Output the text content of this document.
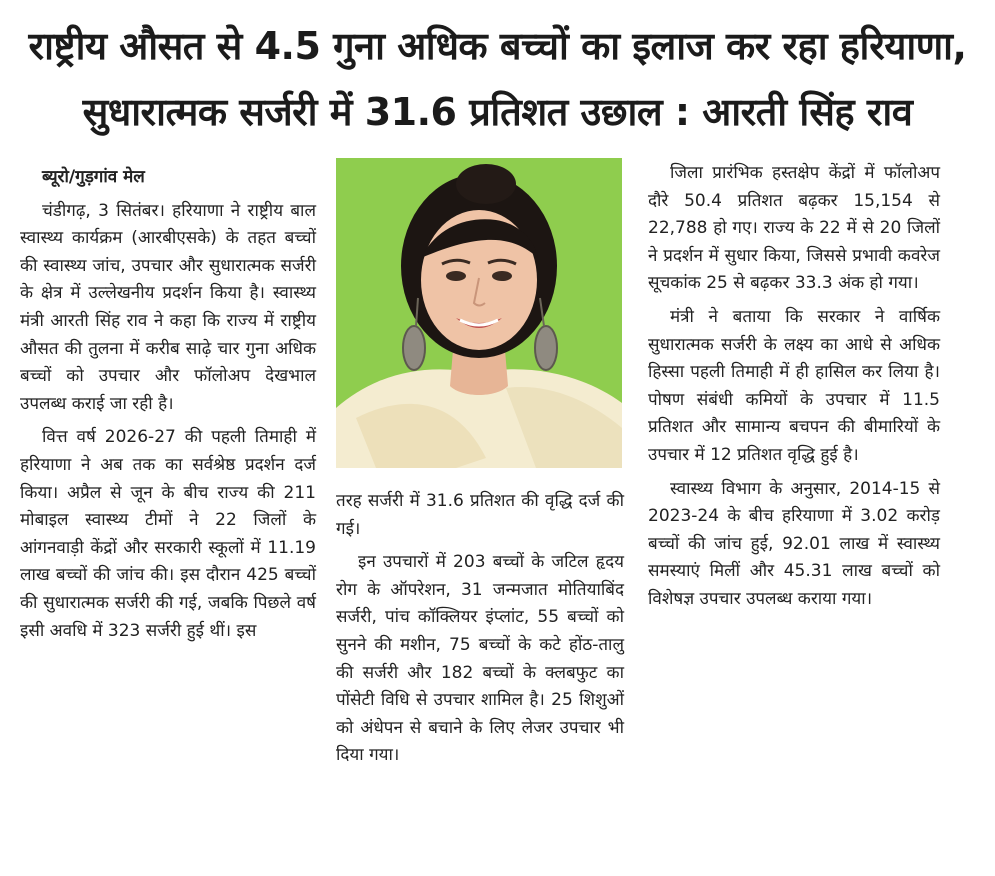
राष्ट्रीय औसत से 4.5 गुना अधिक बच्चों का इलाज कर रहा हरियाणा,
सुधारात्मक सर्जरी में 31.6 प्रतिशत उछाल : आरती सिंह राव

ब्यूरो/गुड़गांव मेल

चंडीगढ़, 3 सितंबर। हरियाणा ने राष्ट्रीय बाल स्वास्थ्य कार्यक्रम (आरबीएसके) के तहत बच्चों की स्वास्थ्य जांच, उपचार और सुधारात्मक सर्जरी के क्षेत्र में उल्लेखनीय प्रदर्शन किया है। स्वास्थ्य मंत्री आरती सिंह राव ने कहा कि राज्य में राष्ट्रीय औसत की तुलना में करीब साढ़े चार गुना अधिक बच्चों को उपचार और फॉलोअप देखभाल उपलब्ध कराई जा रही है।

वित्त वर्ष 2026-27 की पहली तिमाही में हरियाणा ने अब तक का सर्वश्रेष्ठ प्रदर्शन दर्ज किया। अप्रैल से जून के बीच राज्य की 211 मोबाइल स्वास्थ्य टीमों ने 22 जिलों के आंगनवाड़ी केंद्रों और सरकारी स्कूलों में 11.19 लाख बच्चों की जांच की। इस दौरान 425 बच्चों की सुधारात्मक सर्जरी की गई, जबकि पिछले वर्ष इसी अवधि में 323 सर्जरी हुई थीं। इस

तरह सर्जरी में 31.6 प्रतिशत की वृद्धि दर्ज की गई।

इन उपचारों में 203 बच्चों के जटिल हृदय रोग के ऑपरेशन, 31 जन्मजात मोतियाबिंद सर्जरी, पांच कॉक्लियर इंप्लांट, 55 बच्चों को सुनने की मशीन, 75 बच्चों के कटे होंठ-तालु की सर्जरी और 182 बच्चों के क्लबफुट का पोंसेटी विधि से उपचार शामिल है। 25 शिशुओं को अंधेपन से बचाने के लिए लेजर उपचार भी दिया गया।

जिला प्रारंभिक हस्तक्षेप केंद्रों में फॉलोअप दौरे 50.4 प्रतिशत बढ़कर 15,154 से 22,788 हो गए। राज्य के 22 में से 20 जिलों ने प्रदर्शन में सुधार किया, जिससे प्रभावी कवरेज सूचकांक 25 से बढ़कर 33.3 अंक हो गया।

मंत्री ने बताया कि सरकार ने वार्षिक सुधारात्मक सर्जरी के लक्ष्य का आधे से अधिक हिस्सा पहली तिमाही में ही हासिल कर लिया है। पोषण संबंधी कमियों के उपचार में 11.5 प्रतिशत और सामान्य बचपन की बीमारियों के उपचार में 12 प्रतिशत वृद्धि हुई है।

स्वास्थ्य विभाग के अनुसार, 2014-15 से 2023-24 के बीच हरियाणा में 3.02 करोड़ बच्चों की जांच हुई, 92.01 लाख में स्वास्थ्य समस्याएं मिलीं और 45.31 लाख बच्चों को विशेषज्ञ उपचार उपलब्ध कराया गया।
